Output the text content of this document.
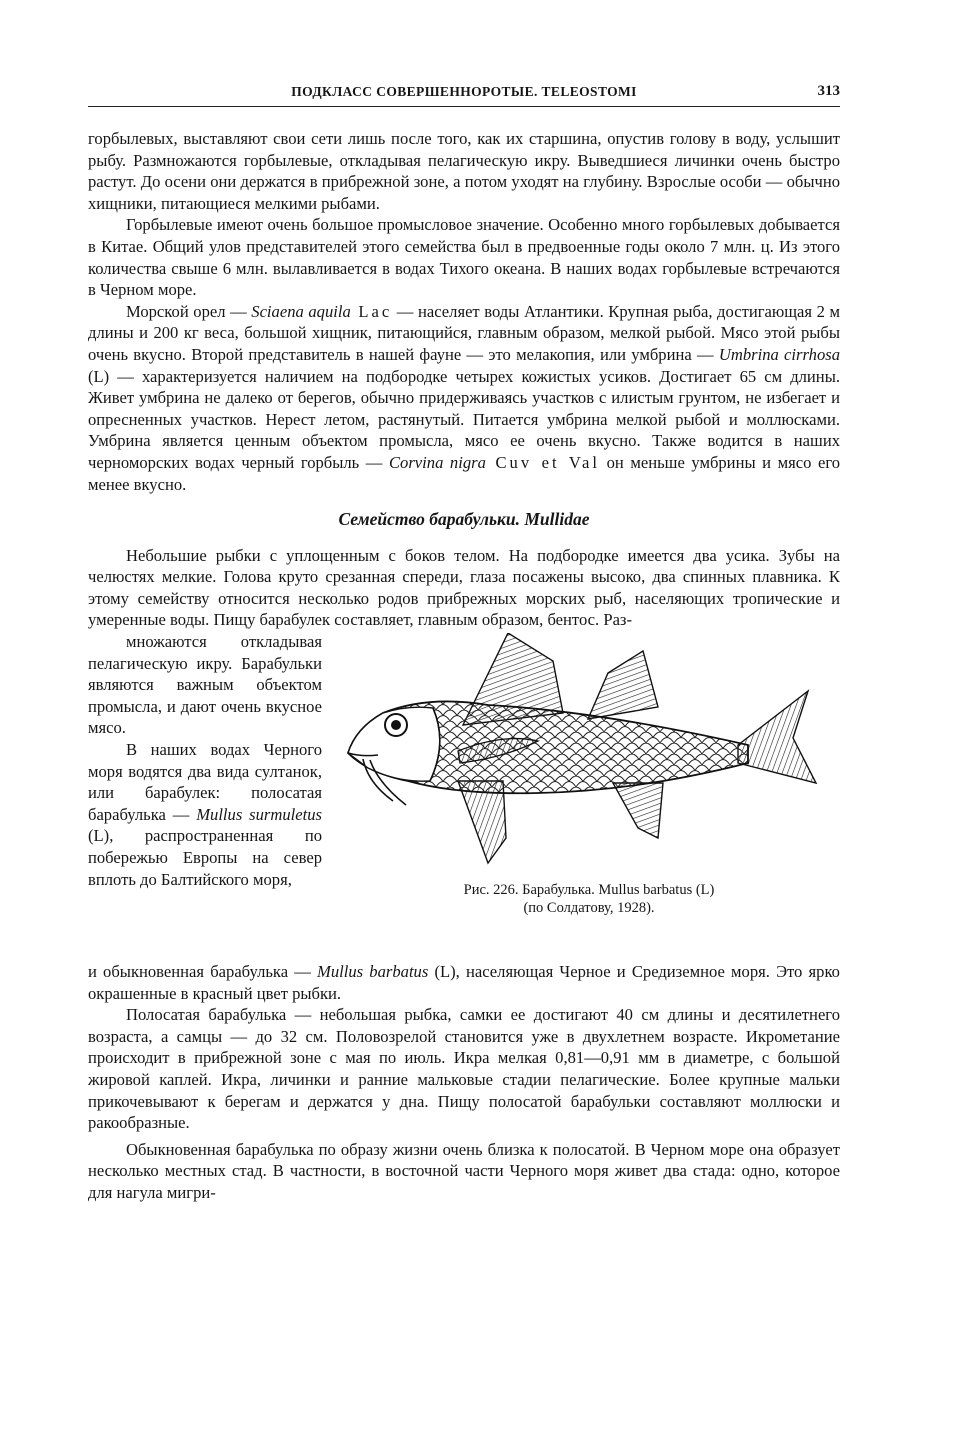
ПОДКЛАСС СОВЕРШЕННОРОТЫЕ. TELEOSTOMI	313

горбылевых, выставляют свои сети лишь после того, как их старшина, опустив голову в воду, услышит рыбу. Размножаются горбылевые, откладывая пелагическую икру. Выведшиеся личинки очень быстро растут. До осени они держатся в прибрежной зоне, а потом уходят на глубину. Взрослые особи — обычно хищники, питающиеся мелкими рыбами.

Горбылевые имеют очень большое промысловое значение. Особенно много горбылевых добывается в Китае. Общий улов представителей этого семейства был в предвоенные годы около 7 млн. ц. Из этого количества свыше 6 млн. вылавливается в водах Тихого океана. В наших водах горбылевые встречаются в Черном море.

Морской орел — Sciaena aquila Lac — населяет воды Атлантики. Крупная рыба, достигающая 2 м длины и 200 кг веса, большой хищник, питающийся, главным образом, мелкой рыбой. Мясо этой рыбы очень вкусно. Второй представитель в нашей фауне — это мелакопия, или умбрина — Umbrina cirrhosa (L) — характеризуется наличием на подбородке четырех кожистых усиков. Достигает 65 см длины. Живет умбрина не далеко от берегов, обычно придерживаясь участков с илистым грунтом, не избегает и опресненных участков. Нерест летом, растянутый. Питается умбрина мелкой рыбой и моллюсками. Умбрина является ценным объектом промысла, мясо ее очень вкусно. Также водится в наших черноморских водах черный горбыль — Corvina nigra Cuv et Val он меньше умбрины и мясо его менее вкусно.

Семейство барабульки. Mullidae

Небольшие рыбки с уплощенным с боков телом. На подбородке имеется два усика. Зубы на челюстях мелкие. Голова круто срезанная спереди, глаза посажены высоко, два спинных плавника. К этому семейству относится несколько родов прибрежных морских рыб, населяющих тропические и умеренные воды. Пищу барабулек составляет, главным образом, бентос. Раз-

множаются откладывая пелагическую икру. Барабульки являются важным объектом промысла, и дают очень вкусное мясо.

В наших водах Черного моря водятся два вида султанок, или барабулек: полосатая барабулька — Mullus surmuletus (L), распространенная по побережью Европы на север вплоть до Балтийского моря,

Рис. 226. Барабулька. Mullus barbatus (L)
(по Солдатову, 1928).

и обыкновенная барабулька — Mullus barbatus (L), населяющая Черное и Средиземное моря. Это ярко окрашенные в красный цвет рыбки.

Полосатая барабулька — небольшая рыбка, самки ее достигают 40 см длины и десятилетнего возраста, а самцы — до 32 см. Половозрелой становится уже в двухлетнем возрасте. Икрометание происходит в прибрежной зоне с мая по июль. Икра мелкая 0,81—0,91 мм в диаметре, с большой жировой каплей. Икра, личинки и ранние мальковые стадии пелагические. Более крупные мальки прикочевывают к берегам и держатся у дна. Пищу полосатой барабульки составляют моллюски и ракообразные.

Обыкновенная барабулька по образу жизни очень близка к полосатой. В Черном море она образует несколько местных стад. В частности, в восточной части Черного моря живет два стада: одно, которое для нагула мигри-
